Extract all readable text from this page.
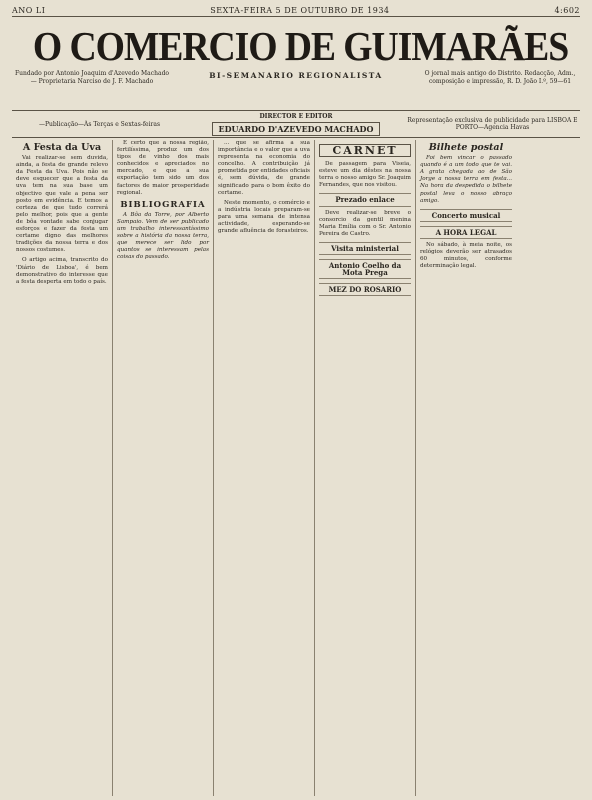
ANO LI	SEXTA-FEIRA 5 DE OUTUBRO DE 1934	4:602
O COMERCIO DE GUIMARÃES
Fundado por Antonio Joaquim d'Azevedo Machado — Proprietaria Narciso de J. F. Machado
BI-SEMANARIO REGIONALISTA	O jornal mais antigo do Distrito. Redacção, Adm., composição e impressão, R. D. João I.º, 59—61
—Publicação—Às Terças e Sextas-feiras
DIRECTOR E EDITOR
EDUARDO D'AZEVEDO MACHADO
Representação exclusiva de publicidade para LISBOA E PORTO—Agencia Havas
A Festa da Uva

Vai realizar-se sem duvida, ainda, a festa de grande relevo da Festa da Uva. Pois não se deve esquecer que a festa da uva tem na sua base um objectivo que vale a pena ser posto em evidência. E temos a certeza de que tudo correrá pelo melhor, pois que a gente de bôa vontade sabe conjugar esforços e fazer da festa um certame digno das melhores tradições da nossa terra e dos nossos costumes.

O artigo acima, transcrito do 'Diário de Lisboa', é bem demonstrativo do interesse que a festa desperta em todo o país.

É certo que a nossa região, fertilíssima, produz um dos tipos de vinho dos mais conhecidos e apreciados no mercado, e que a sua exportação tem sido um dos factores de maior prosperidade regional.

BIBLIOGRAFIA

A Bôa da Torre, por Alberto Sampaio. Vem de ser publicado um trabalho interessantíssimo sobre a história da nossa terra, que merece ser lido por quantos se interessam pelas coisas do passado.

... que se afirma a sua importância e o valor que a uva representa na economia do concelho. A contribuição já prometida por entidades oficiais é, sem dúvida, de grande significado para o bom êxito do certame.

Neste momento, o comércio e a indústria locais preparam-se para uma semana de intensa actividade, esperando-se grande afluência de forasteiros.

CARNET

De passagem para Viseia, esteve um dia dêstes na nossa terra o nosso amigo Sr. Joaquim Fernandes, que nos visitou.

Prezado enlace

Deve realizar-se breve o consorcio da gentil menina Maria Emília com o Sr. Antonio Pereira de Castro.

Visita ministerial
Antonio Coelho da Mota Prega
MEZ DO ROSARIO
Bilhete postal

Foi bem vincar o passado quando é a um todo que te vai. A grata chegada ao de São Jorge a nossa terra em festa... Na hora da despedida o bilhete postal leva o nosso abraço amigo.

Concerto musical
A HORA LEGAL

No sábado, à meia noite, os relógios deverão ser atrasados 60 minutos, conforme determinação legal.
